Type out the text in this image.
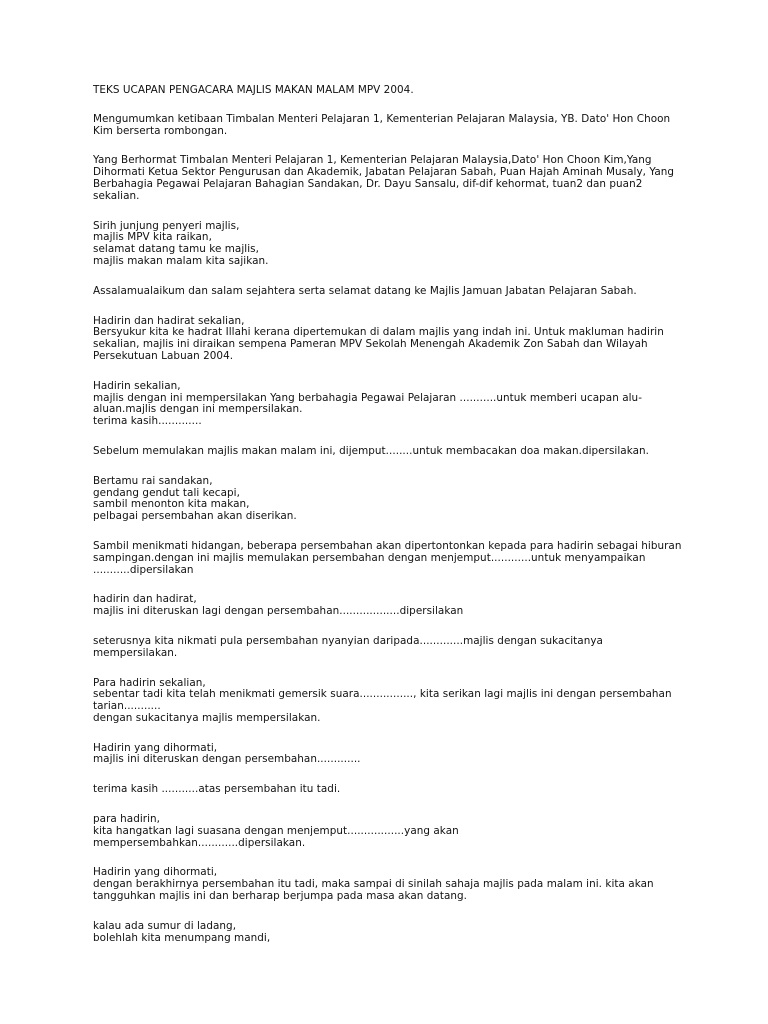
TEKS UCAPAN PENGACARA MAJLIS MAKAN MALAM MPV 2004.
Mengumumkan ketibaan Timbalan Menteri Pelajaran 1, Kementerian Pelajaran Malaysia, YB. Dato' Hon Choon
Kim berserta rombongan.
Yang Berhormat Timbalan Menteri Pelajaran 1, Kementerian Pelajaran Malaysia,Dato' Hon Choon Kim,Yang
Dihormati Ketua Sektor Pengurusan dan Akademik, Jabatan Pelajaran Sabah, Puan Hajah Aminah Musaly, Yang
Berbahagia Pegawai Pelajaran Bahagian Sandakan, Dr. Dayu Sansalu, dif-dif kehormat, tuan2 dan puan2
sekalian.
Sirih junjung penyeri majlis,
majlis MPV kita raikan,
selamat datang tamu ke majlis,
majlis makan malam kita sajikan.
Assalamualaikum dan salam sejahtera serta selamat datang ke Majlis Jamuan Jabatan Pelajaran Sabah.
Hadirin dan hadirat sekalian,
Bersyukur kita ke hadrat Illahi kerana dipertemukan di dalam majlis yang indah ini. Untuk makluman hadirin
sekalian, majlis ini diraikan sempena Pameran MPV Sekolah Menengah Akademik Zon Sabah dan Wilayah
Persekutuan Labuan 2004.
Hadirin sekalian,
majlis dengan ini mempersilakan Yang berbahagia Pegawai Pelajaran ...........untuk memberi ucapan alu-
aluan.majlis dengan ini mempersilakan.
terima kasih.............
Sebelum memulakan majlis makan malam ini, dijemput........untuk membacakan doa makan.dipersilakan.
Bertamu rai sandakan,
gendang gendut tali kecapi,
sambil menonton kita makan,
pelbagai persembahan akan diserikan.
Sambil menikmati hidangan, beberapa persembahan akan dipertontonkan kepada para hadirin sebagai hiburan
sampingan.dengan ini majlis memulakan persembahan dengan menjemput............untuk menyampaikan
...........dipersilakan
hadirin dan hadirat,
majlis ini diteruskan lagi dengan persembahan..................dipersilakan
seterusnya kita nikmati pula persembahan nyanyian daripada.............majlis dengan sukacitanya
mempersilakan.
Para hadirin sekalian,
sebentar tadi kita telah menikmati gemersik suara................, kita serikan lagi majlis ini dengan persembahan
tarian...........
dengan sukacitanya majlis mempersilakan.
Hadirin yang dihormati,
majlis ini diteruskan dengan persembahan.............
terima kasih ...........atas persembahan itu tadi.
para hadirin,
kita hangatkan lagi suasana dengan menjemput.................yang akan
mempersembahkan............dipersilakan.
Hadirin yang dihormati,
dengan berakhirnya persembahan itu tadi, maka sampai di sinilah sahaja majlis pada malam ini. kita akan
tangguhkan majlis ini dan berharap berjumpa pada masa akan datang.
kalau ada sumur di ladang,
bolehlah kita menumpang mandi,
